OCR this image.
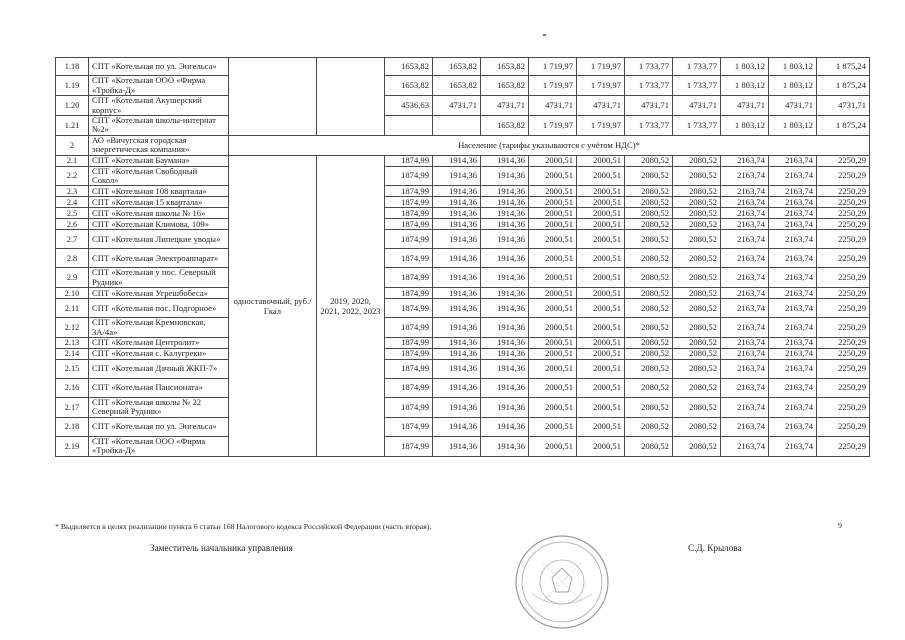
1.18	СПТ «Котельная по ул. Энгельса»			1653,82	1653,82	1653,82	1 719,97	1 719,97	1 733,77	1 733,77	1 803,12	1 803,12	1 875,24
1.19	СПТ «Котельная ООО «Фирма «Тройка-Д»			1653,82	1653,82	1653,82	1 719,97	1 719,97	1 733,77	1 733,77	1 803,12	1 803,12	1 875,24
1.20	СПТ «Котельная Акушерский корпус»			4536,63	4731,71	4731,71	4731,71	4731,71	4731,71	4731,71	4731,71	4731,71	4731,71
1.21	СПТ «Котельная школы-интернат №2»					1653,82	1 719,97	1 719,97	1 733,77	1 733,77	1 803,12	1 803,12	1 875,24
2	АО «Вичугская городская энергетическая компания»	Население (тарифы указываются с учётом НДС)*											
2.1	СПТ «Котельная Баумана»	одноставочный, руб./Гкал	2019, 2020, 2021, 2022, 2023	1874,99	1914,36	1914,36	2000,51	2000,51	2080,52	2080,52	2163,74	2163,74	2250,29
2.2	СПТ «Котельная Свободный Сокол»			1874,99	1914,36	1914,36	2000,51	2000,51	2080,52	2080,52	2163,74	2163,74	2250,29
2.3	СПТ «Котельная 108 квартала»			1874,99	1914,36	1914,36	2000,51	2000,51	2080,52	2080,52	2163,74	2163,74	2250,29
2.4	СПТ «Котельная 15 квартала»			1874,99	1914,36	1914,36	2000,51	2000,51	2080,52	2080,52	2163,74	2163,74	2250,29
2.5	СПТ «Котельная школы № 16»			1874,99	1914,36	1914,36	2000,51	2000,51	2080,52	2080,52	2163,74	2163,74	2250,29
2.6	СПТ «Котельная Климова, 109»			1874,99	1914,36	1914,36	2000,51	2000,51	2080,52	2080,52	2163,74	2163,74	2250,29
2.7	СПТ «Котельная Липецкие уводы»			1874,99	1914,36	1914,36	2000,51	2000,51	2080,52	2080,52	2163,74	2163,74	2250,29
2.8	СПТ «Котельная Электроаппарат»			1874,99	1914,36	1914,36	2000,51	2000,51	2080,52	2080,52	2163,74	2163,74	2250,29
2.9	СПТ «Котельная у пос. Северный Рудник»			1874,99	1914,36	1914,36	2000,51	2000,51	2080,52	2080,52	2163,74	2163,74	2250,29
2.10	СПТ «Котельная Угрешбобеса»			1874,99	1914,36	1914,36	2000,51	2000,51	2080,52	2080,52	2163,74	2163,74	2250,29
2.11	СПТ «Котельная пос. Подгорное»			1874,99	1914,36	1914,36	2000,51	2000,51	2080,52	2080,52	2163,74	2163,74	2250,29
2.12	СПТ «Котельная Кремновская, 3А/4а»			1874,99	1914,36	1914,36	2000,51	2000,51	2080,52	2080,52	2163,74	2163,74	2250,29
2.13	СПТ «Котельная Центролит»			1874,99	1914,36	1914,36	2000,51	2000,51	2080,52	2080,52	2163,74	2163,74	2250,29
2.14	СПТ «Котельная с. Калугреки»			1874,99	1914,36	1914,36	2000,51	2000,51	2080,52	2080,52	2163,74	2163,74	2250,29
2.15	СПТ «Котельная Дачный ЖКП-7»			1874,99	1914,36	1914,36	2000,51	2000,51	2080,52	2080,52	2163,74	2163,74	2250,29
2.16	СПТ «Котельная Пансионата»			1874,99	1914,36	1914,36	2000,51	2000,51	2080,52	2080,52	2163,74	2163,74	2250,29
2.17	СПТ «Котельная школы № 22 Северный Рудник»			1874,99	1914,36	1914,36	2000,51	2000,51	2080,52	2080,52	2163,74	2163,74	2250,29
2.18	СПТ «Котельная по ул. Энгельса»			1874,99	1914,36	1914,36	2000,51	2000,51	2080,52	2080,52	2163,74	2163,74	2250,29
2.19	СПТ «Котельная ООО «Фирма «Тройка-Д»			1874,99	1914,36	1914,36	2000,51	2000,51	2080,52	2080,52	2163,74	2163,74	2250,29
* Выделяется в целях реализации пункта 6 статьи 168 Налогового кодекса Российской Федерации (часть вторая).	9
Заместитель начальника управления	С.Д. Крылова
